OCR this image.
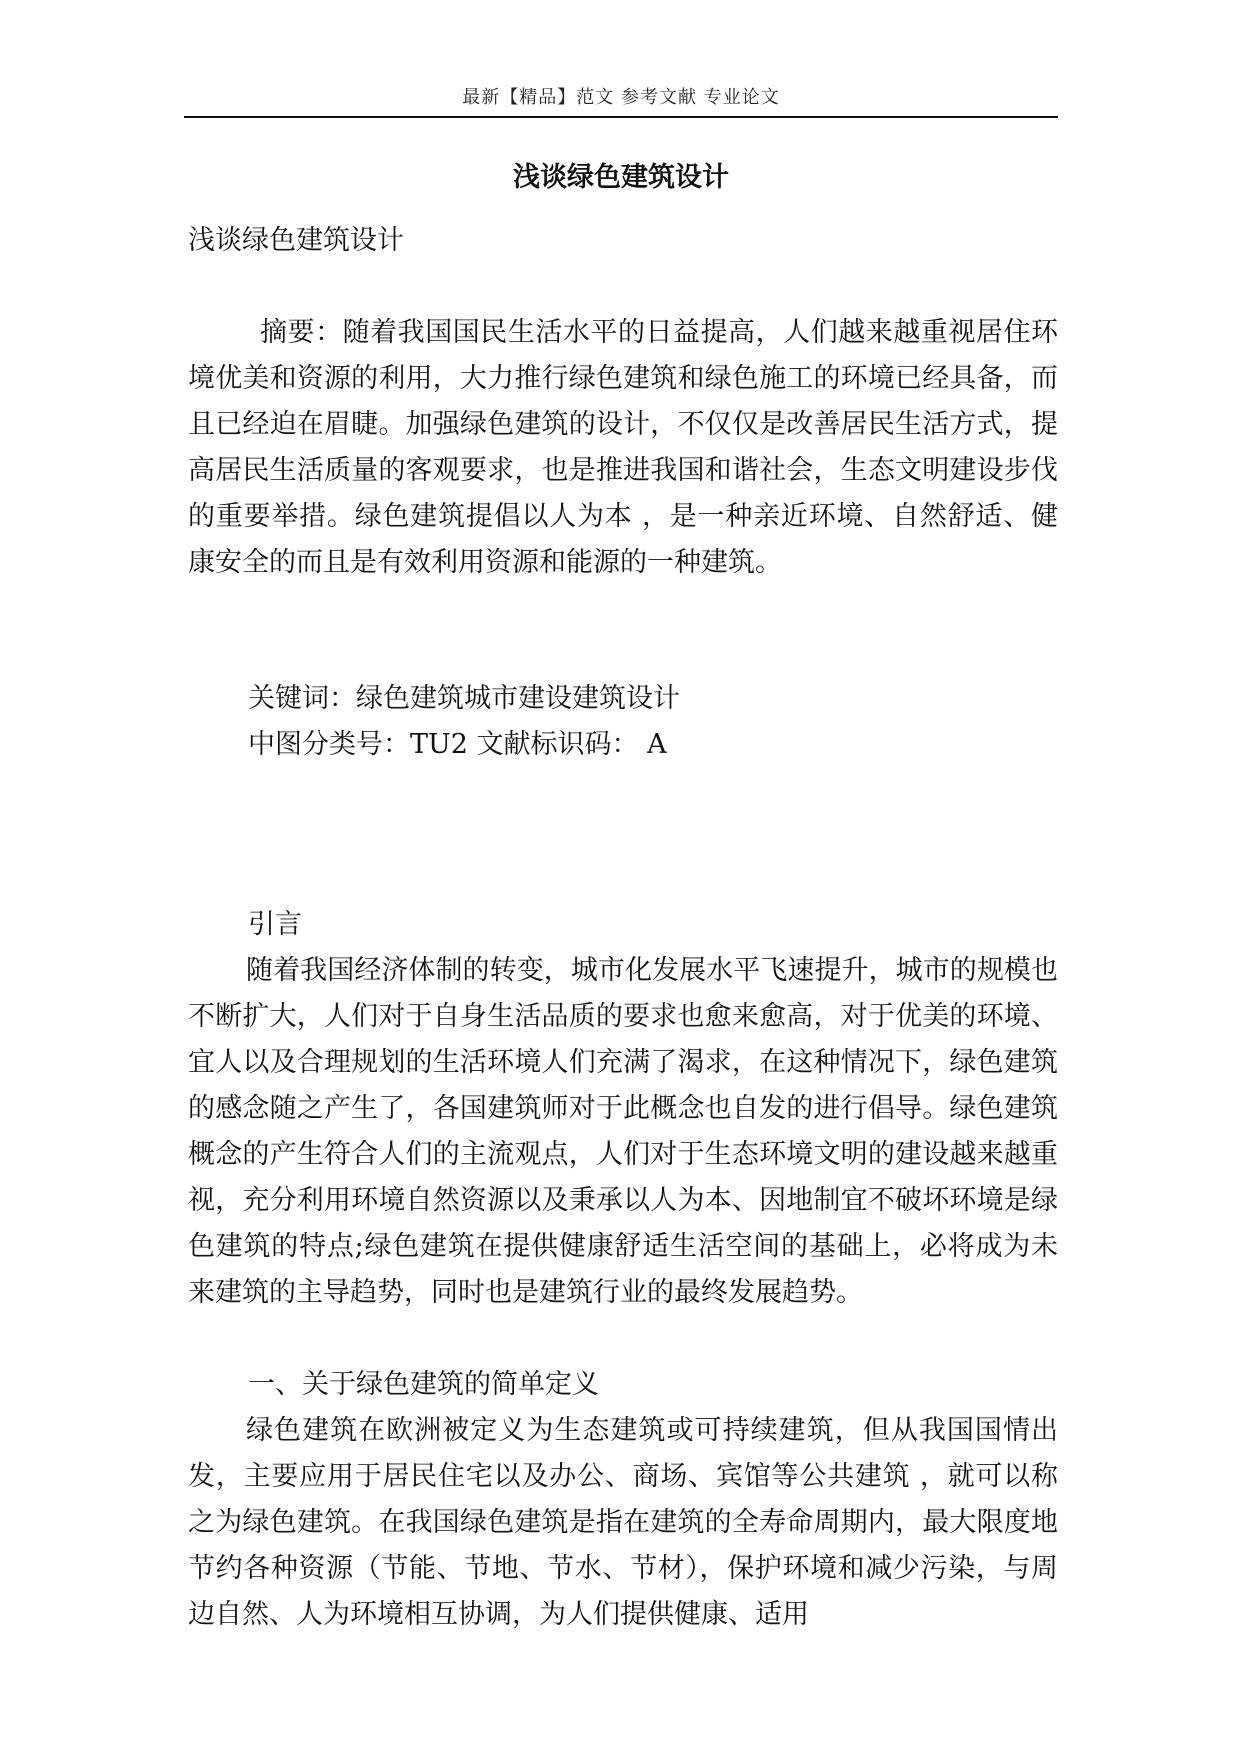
最新【精品】范文 参考文献 专业论文
浅谈绿色建筑设计

浅谈绿色建筑设计

摘要：随着我国国民生活水平的日益提高，人们越来越重视居住环境优美和资源的利用，大力推行绿色建筑和绿色施工的环境已经具备，而且已经迫在眉睫。加强绿色建筑的设计，不仅仅是改善居民生活方式，提高居民生活质量的客观要求，也是推进我国和谐社会，生态文明建设步伐的重要举措。绿色建筑提倡以人为本 ，是一种亲近环境、自然舒适、健康安全的而且是有效利用资源和能源的一种建筑。

关键词：绿色建筑城市建设建筑设计

中图分类号：TU2 文献标识码： A

引言

随着我国经济体制的转变，城市化发展水平飞速提升，城市的规模也不断扩大，人们对于自身生活品质的要求也愈来愈高，对于优美的环境、宜人以及合理规划的生活环境人们充满了渴求，在这种情况下，绿色建筑的感念随之产生了，各国建筑师对于此概念也自发的进行倡导。绿色建筑概念的产生符合人们的主流观点，人们对于生态环境文明的建设越来越重视，充分利用环境自然资源以及秉承以人为本、因地制宜不破坏环境是绿色建筑的特点;绿色建筑在提供健康舒适生活空间的基础上，必将成为未来建筑的主导趋势，同时也是建筑行业的最终发展趋势。

一、关于绿色建筑的简单定义

绿色建筑在欧洲被定义为生态建筑或可持续建筑，但从我国国情出发，主要应用于居民住宅以及办公、商场、宾馆等公共建筑 ，就可以称之为绿色建筑。在我国绿色建筑是指在建筑的全寿命周期内，最大限度地节约各种资源（节能、节地、节水、节材），保护环境和减少污染，与周边自然、人为环境相互协调，为人们提供健康、适用
